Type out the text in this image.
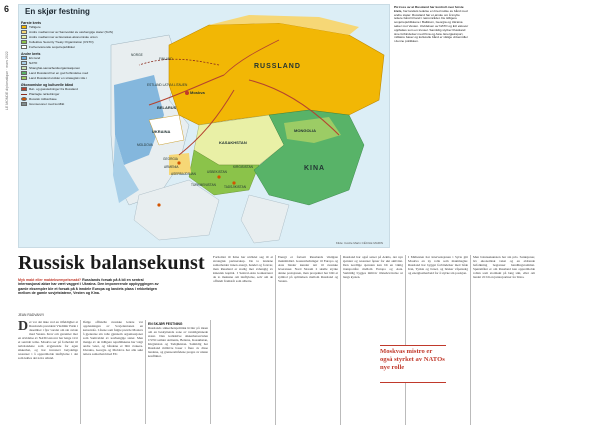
6
LE MONDE diplomatique · mars 2022
En skjør festning
Første krets
Tidligere
Andre medlemmer av Samveldet av uavhengige stater (SUS)
Andre medlemmer av Eurasias økonomiske union
Kollektive Security Treaty Organization (CSTO)
Forhenværende sovjetrepublikker
Andre krets
EU-land
NATO
Shanghai-samarbeidsorganisasjonen
Land Russland har en god forbindelse med
Land Russland utvikler en strategisk rolle i
Økonomiske og kulturelle bånd
Rør- og gassledninger fra Russland
Planlagte rørledninger
Russisk militærbase
Grensesoner med konflikt
RUSSLAND
KINA
Moskva
KASAKHSTAN
MONGOLIA
UKRAINA
BELARUS
ESTLAND LATVIA LITAUEN
FINLAND
NORGE
GEORGIA
ARMENIA
ASERBAJDSJAN	USBEKISTAN
KIRGISISTAN
TADSJIKISTAN
TURKMENISTAN
MOLDOVA
Kilde: Cécile Marin CÉCILE MARIN
På tross av at Russland har kontroll over første krets, har landets ledelse en bred rekke av bånd med andre stater. Russland har et ønske om å knytte tettere bånd til land i nærområdet. De tidligere sovjetrepublikkene i Baltikum, Georgia og Ukraina søker mot Vesten. Utvidelsen av NATO og EU østover oppfattes som en trussel. Samtidig styrker Russland sine forbindelser med Kina og Asia. Energieksport, militære baser og kulturelle bånd er viktige virkemidler i denne politikken.
Russisk balansekunst
Myk makt eller makteksempelsmakt? Russlands forsøk på å bli en sentral internasjonal aktør har vært vaggeri i Ukraina. Den imponerende oppbyggingen av gamle eksempler ble et forsøk på å inndele Europa og landets plass i rekkefølgen mellom de gamle sovjetstatene, Vesten og Kina.
JEAN RADVANYI
Det var det ikke ved en tilfeldighet at Russlands president Vladimir Putin i desember i fjor varslet om sin avtale med Vesten. Krav om garantier mot en utvidelse av NATO østover har lenge vært et sentralt tema. Moskva ser på forholdet til nabolandene som avgjørende for egen sikkerhet, og har investert betydelige ressurser i å opprettholde innflytelse i det som kalles det nære utland.
Ifølge offisielle russiske ledere var oppløsningen av Sovjetunionen en katastrofe. I årene som fulgte prøvde Moskva å gjenreise sin rolle gjennom organisasjoner som Samveldet av uavhengige stater. Men mange av de tidligere republikkene har valgt andre veier, og båndene er blitt svakere. Ukraina, Georgia og Moldova har alle søkt tettere samarbeid med EU.
EN SKJØR FESTNING
Russlands sikkerhetspolitikk hviler på ideen om en beskyttende sone av vennligsinnede stater. Den kollektive sikkerhetsavtalen CSTO samler Armenia, Belarus, Kasakhstan, Kirgisistan og Tadsjikistan. Samtidig har Russland militære baser i flere av disse landene, og grenseområdene preges av uløste konflikter.
Forholdet til Kina har utviklet seg til et strategisk partnerskap. De to landene samarbeider innen energi, handel og forsvar, men Russland er stadig mer avhengig av kinesisk kapital. I Sentral-Asia konkurrerer de to maktene om innflytelse, selv om de offisielt framstår som allierte.
Energi er fortsatt Russlands viktigste maktmiddel. Gassrørledninger til Europa og Asia binder kunder tett til russiske leveranser. Nord Stream 2 skulle styrke denne posisjonen, men prosjektet har blitt et symbol på splittelsen mellom Russland og Vesten.
Russland har også satset på Arktis, der nye sjøruter og ressurser åpner for økt aktivitet. Den nordlige sjøruten kan bli en viktig transportåre mellom Europa og Asia. Samtidig bygges militær tilstedeværelse ut langs kysten.
I Midtøsten har intervensjonen i Syria gitt Moskva en ny rolle som maktmegler. Russland har bygget forbindelser med både Iran, Tyrkia og Israel, og bruker våpensalg og energisamarbeid for å styrke sin posisjon.
Men balansekunsten har sin pris. Sanksjoner, lav økonomisk vekst og en aldrende befolkning begrenser handlingsrommet. Spørsmålet er om Russland kan opprettholde rollen som stormakt på lang sikt, eller om landet vil bli en juniorpartner for Kina.
Moskvas mistro er også styrket av NATOs nye rolle
